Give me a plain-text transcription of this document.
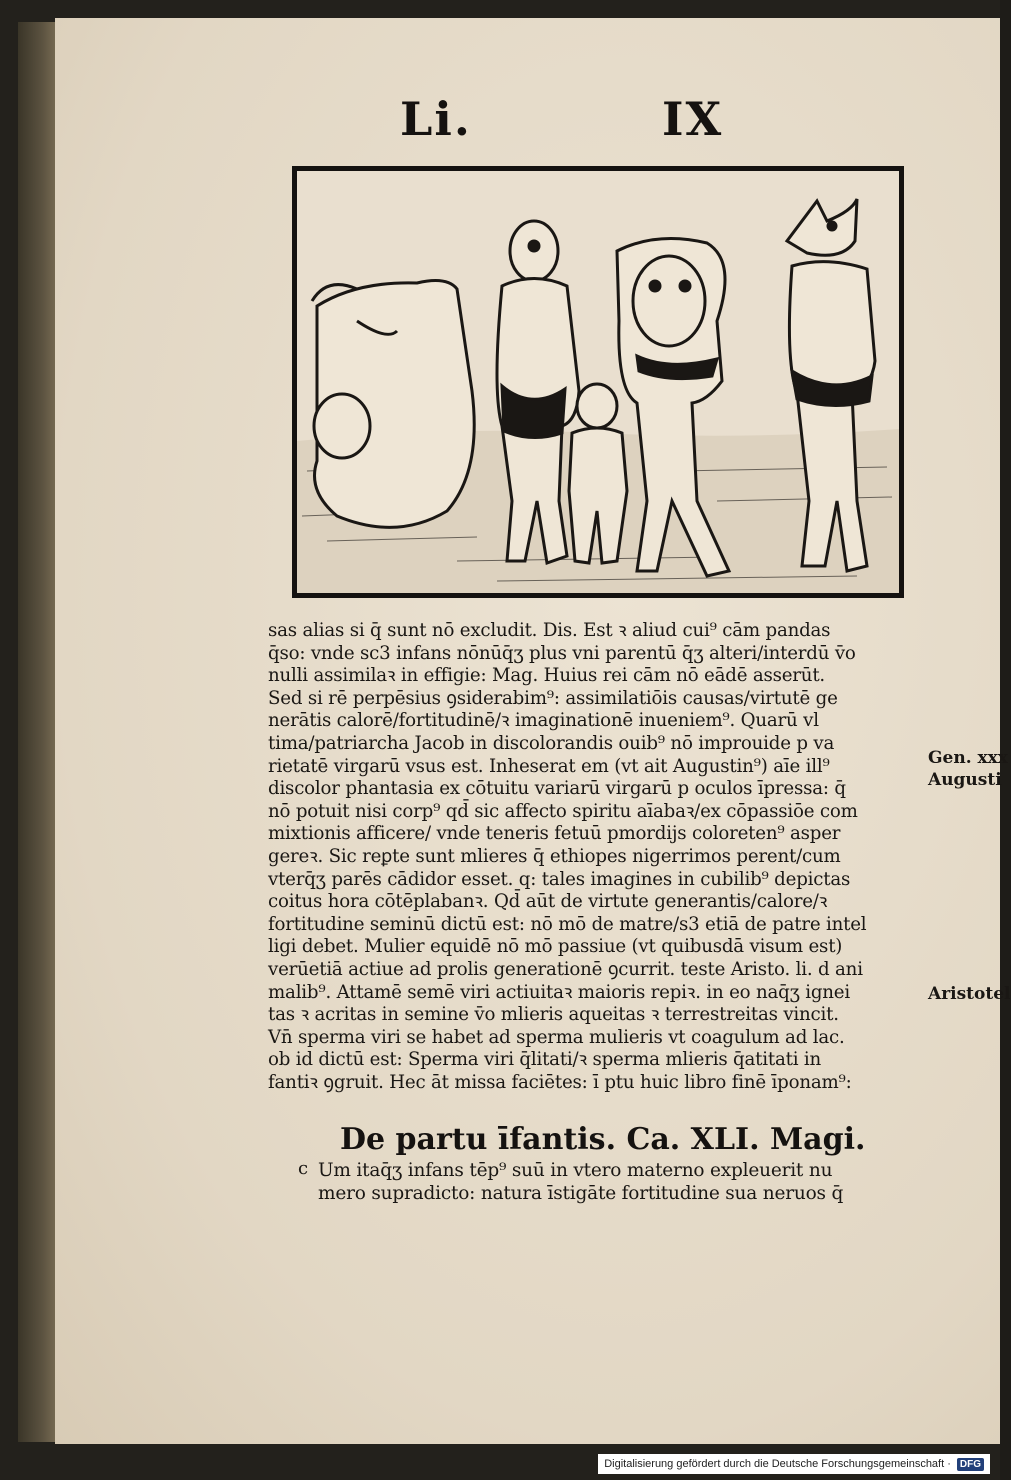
Li.	IX
sas alias si q̄ sunt nō excludit. Dis. Est ꝛ aliud cui⁹ cām pandas
q̄so: vnde sc3 infans nōnūq̄ʒ plus vni parentū q̄ʒ alteri/interdū v̄o
nulli assimilaꝛ in effigie: Mag. Huius rei cām nō eādē asserūt.
Sed si rē perpēsius ꝯsiderabim⁹: assimilatiōis causas/virtutē ge
nerātis calorē/fortitudinē/ꝛ imaginationē inueniem⁹. Quarū vl
tima/patriarcha Jacob in discolorandis ouib⁹ nō improuide p va
rietatē virgarū vsus est. Inheserat em (vt ait Augustin⁹) aīe ill⁹
discolor phantasia ex cōtuitu variarū virgarū p oculos īpressa: q̄
nō potuit nisi corp⁹ qd̄ sic affecto spiritu aīabaꝛ/ex cōpassiōe com
mixtionis afficere/ vnde teneris fetuū pmordijs coloreten⁹ asper
gereꝛ. Sic reꝑte sunt mlieres q̄ ethiopes nigerrimos perent/cum
vterq̄ʒ parēs cādidor esset. q: tales imagines in cubilib⁹ depictas
coitus hora cōtēplabanꝛ. Qd̄ aūt de virtute generantis/calore/ꝛ
fortitudine seminū dictū est: nō mō de matre/s3 etiā de patre intel
ligi debet. Mulier equidē nō mō passiue (vt quibusdā visum est)
verūetiā actiue ad prolis generationē ꝯcurrit. teste Aristo. li. d ani
malib⁹. Attamē semē viri actiuitaꝛ maioris repiꝛ. in eo naq̄ʒ ignei
tas ꝛ acritas in semine v̄o mlieris aqueitas ꝛ terrestreitas vincit.
Vn̄ sperma viri se habet ad sperma mulieris vt coagulum ad lac.
ob id dictū est: Sperma viri q̄litati/ꝛ sperma mlieris q̄atitati in
fantiꝛ ꝯgruit. Hec āt missa faciētes: ī ptu huic libro finē īponam⁹:
De partu īfantis. Ca. XLI. Magi.
c Um itaq̄ʒ infans tēp⁹ suū in vtero materno expleuerit nu
mero supradicto: natura īstigāte fortitudine sua neruos q̄
Gen. xxx
Augusti
Aristotel
Digitalisierung gefördert durch die Deutsche Forschungsgemeinschaft · DFG
